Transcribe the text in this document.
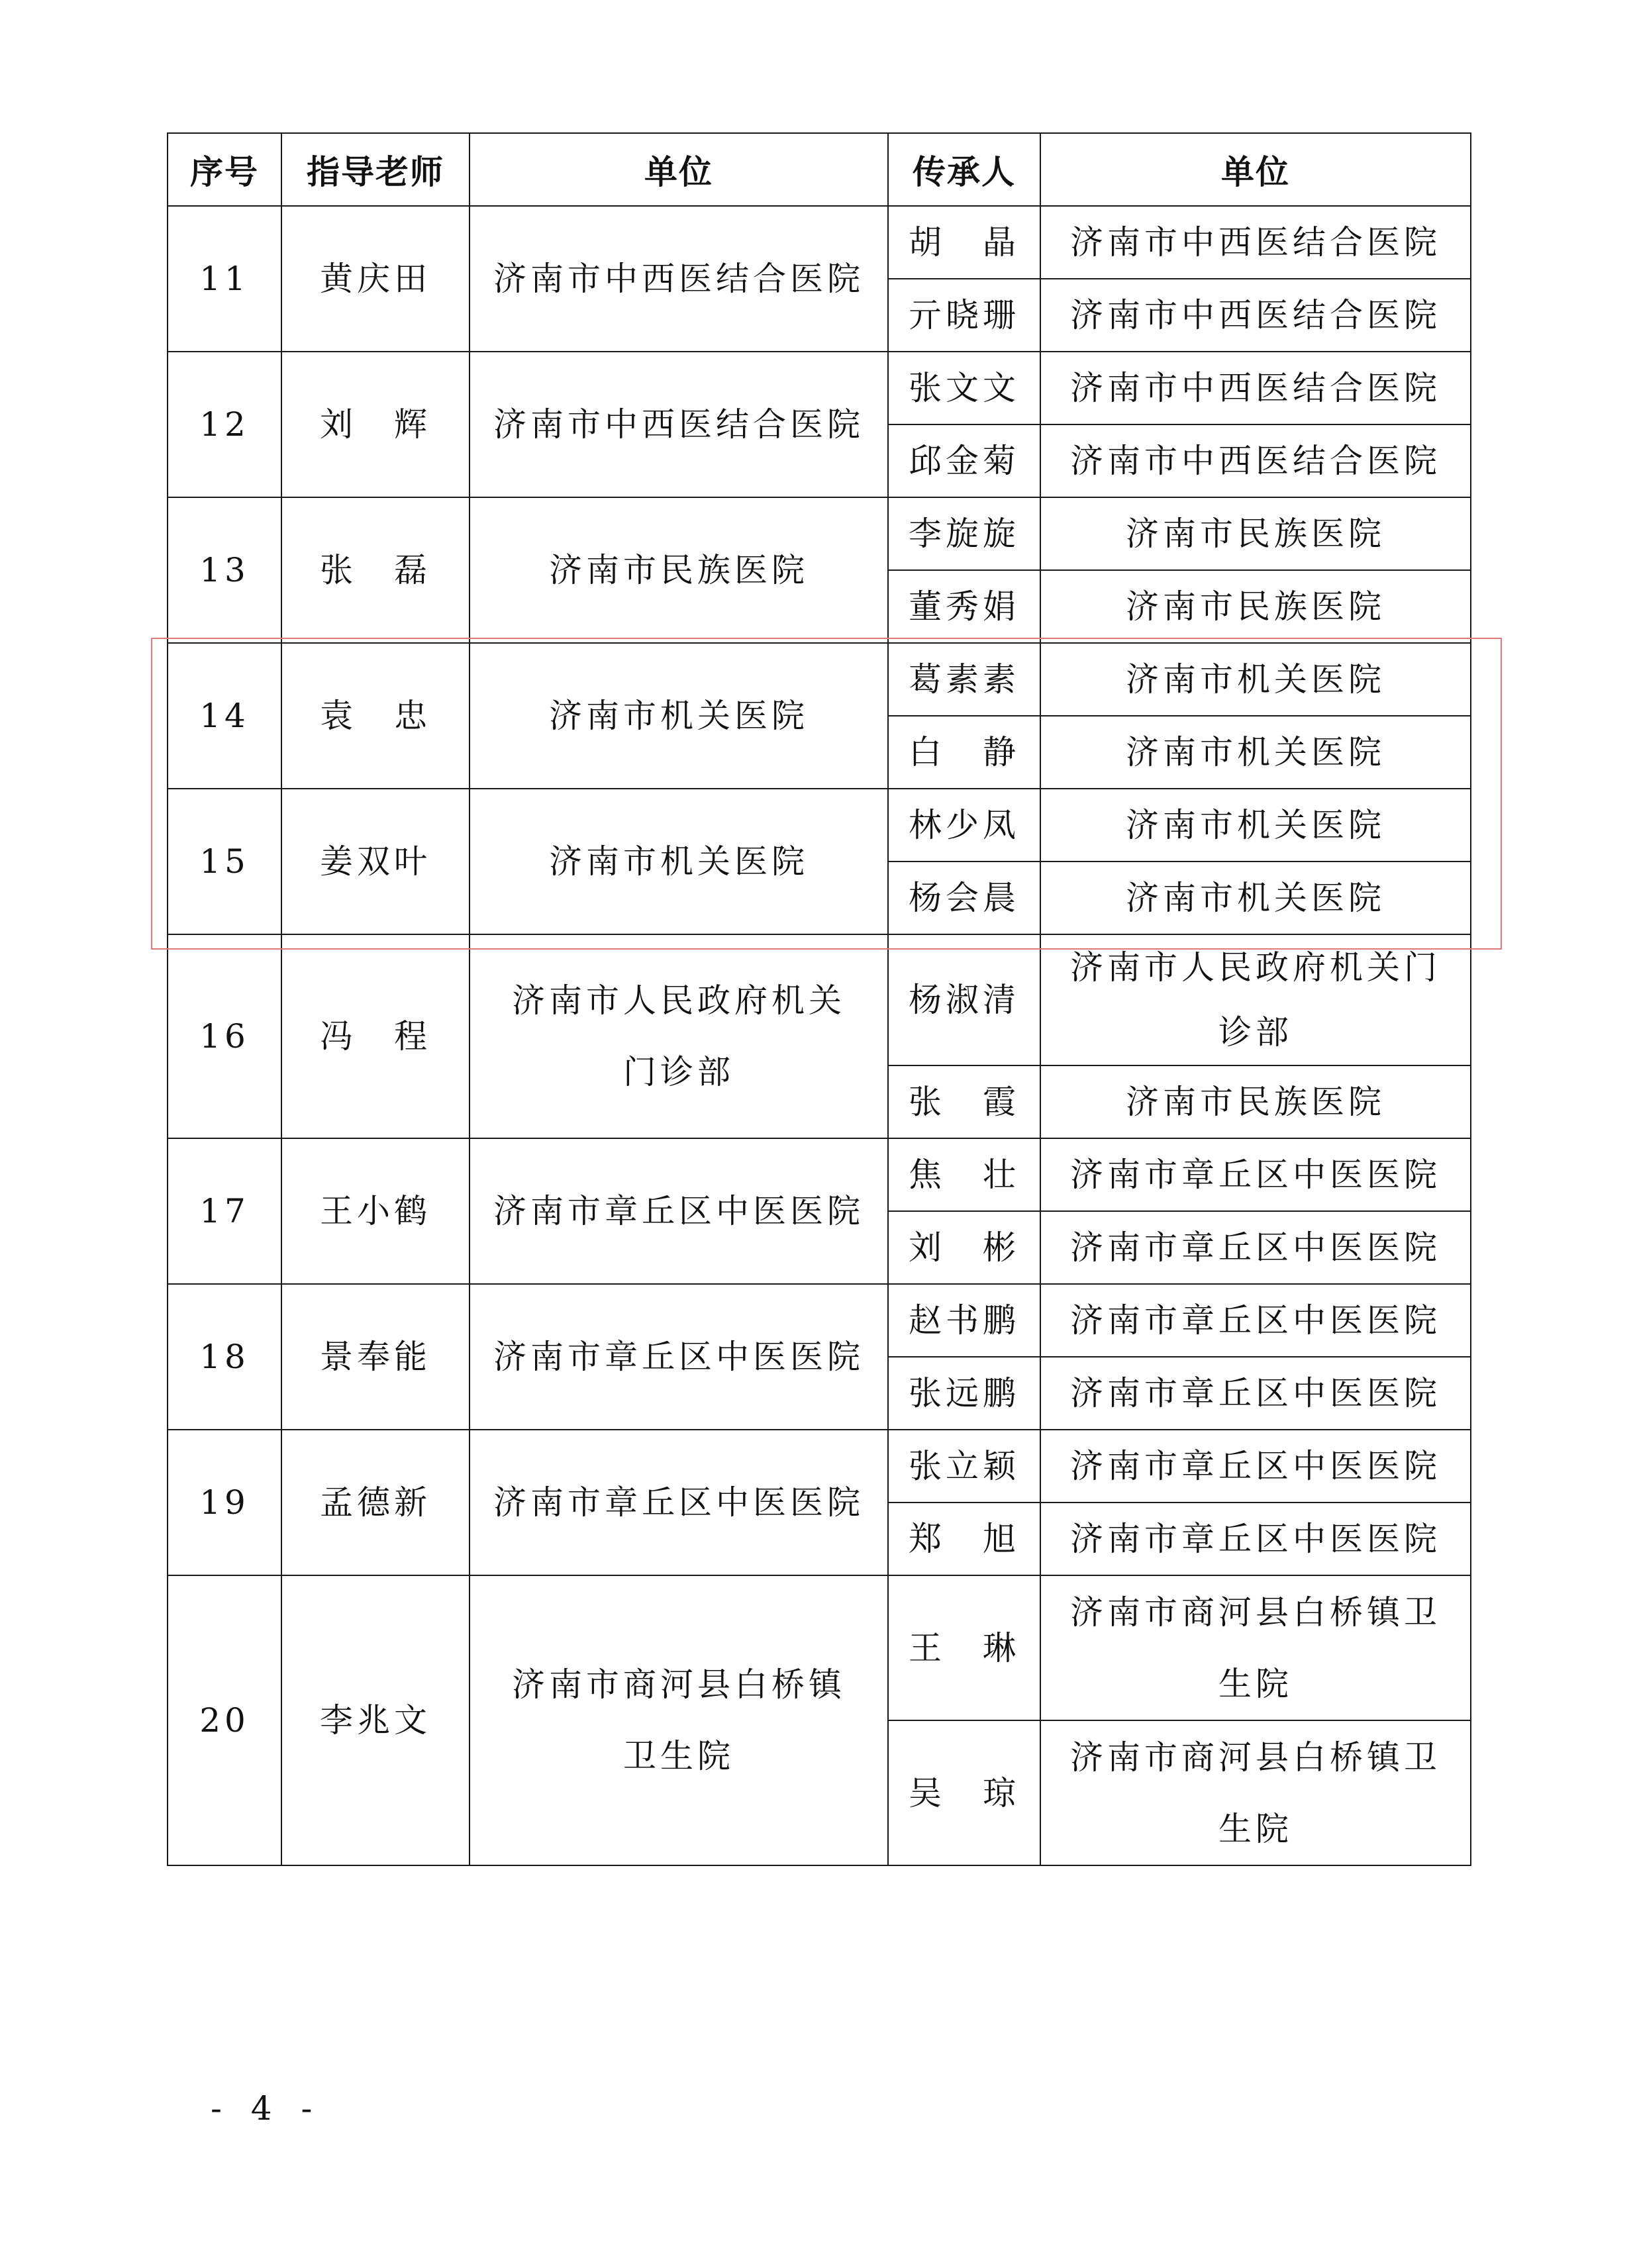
序号	指导老师	单位	传承人	单位
11	黄庆田	济南市中西医结合医院	胡　晶	济南市中西医结合医院
			亓晓珊	济南市中西医结合医院
12	刘　辉	济南市中西医结合医院	张文文	济南市中西医结合医院
			邱金菊	济南市中西医结合医院
13	张　磊	济南市民族医院	李旋旋	济南市民族医院
			董秀娟	济南市民族医院
14	袁　忠	济南市机关医院	葛素素	济南市机关医院
			白　静	济南市机关医院
15	姜双叶	济南市机关医院	林少凤	济南市机关医院
			杨会晨	济南市机关医院
16	冯　程	济南市人民政府机关门诊部	杨淑清	济南市人民政府机关门诊部
			张　霞	济南市民族医院
17	王小鹤	济南市章丘区中医医院	焦　壮	济南市章丘区中医医院
			刘　彬	济南市章丘区中医医院
18	景奉能	济南市章丘区中医医院	赵书鹏	济南市章丘区中医医院
			张远鹏	济南市章丘区中医医院
19	孟德新	济南市章丘区中医医院	张立颖	济南市章丘区中医医院
			郑　旭	济南市章丘区中医医院
20	李兆文	济南市商河县白桥镇卫生院	王　琳	济南市商河县白桥镇卫生院
			吴　琼	济南市商河县白桥镇卫生院
- 4 -
